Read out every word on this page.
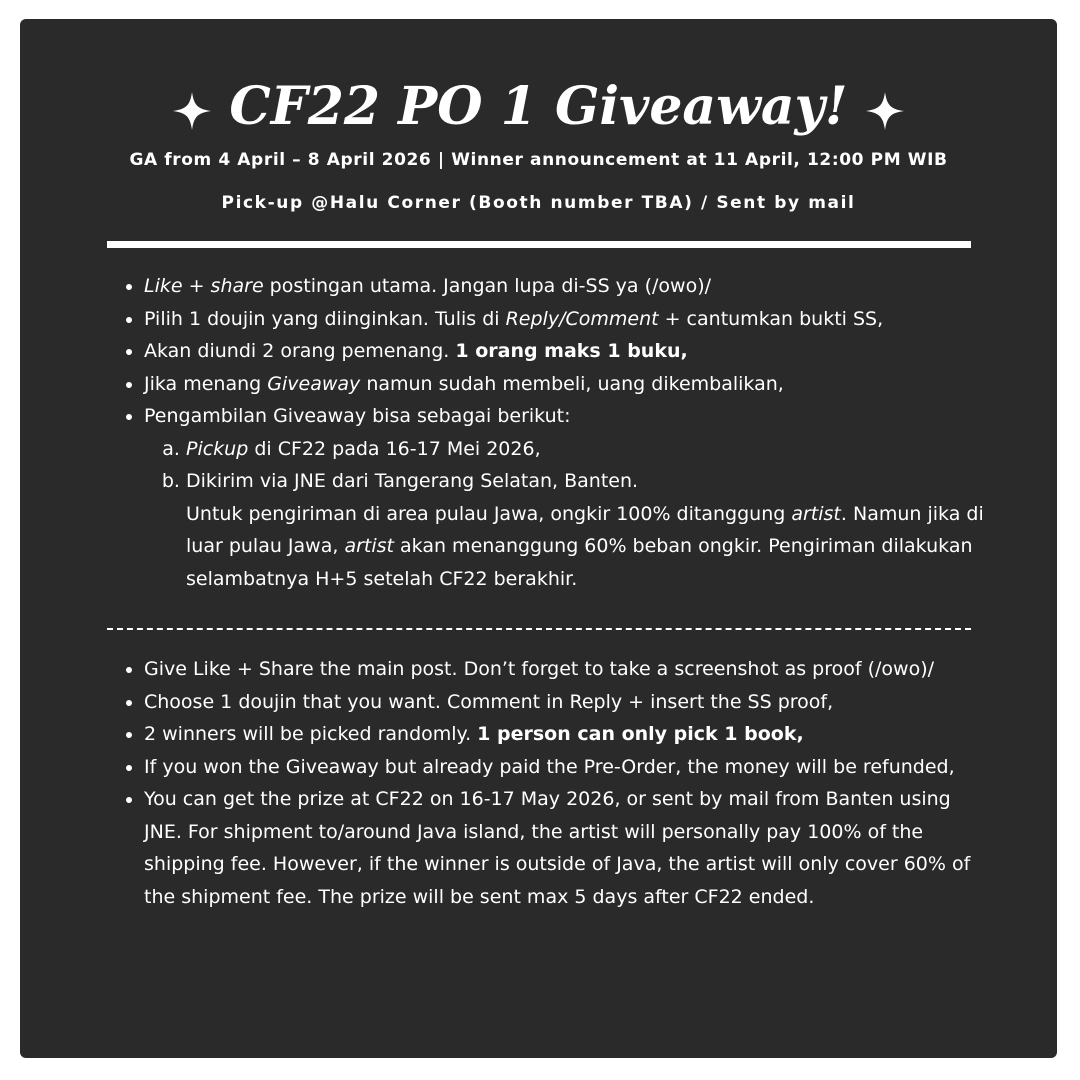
CF22 PO 1 Giveaway!
GA from 4 April – 8 April 2026 | Winner announcement at 11 April, 12:00 PM WIB
Pick-up @Halu Corner (Booth number TBA) / Sent by mail
• Like + share postingan utama. Jangan lupa di-SS ya (/owo)/
• Pilih 1 doujin yang diinginkan. Tulis di Reply/Comment + cantumkan bukti SS,
• Akan diundi 2 orang pemenang. 1 orang maks 1 buku,
• Jika menang Giveaway namun sudah membeli, uang dikembalikan,
• Pengambilan Giveaway bisa sebagai berikut:
a. Pickup di CF22 pada 16-17 Mei 2026,
b. Dikirim via JNE dari Tangerang Selatan, Banten.
Untuk pengiriman di area pulau Jawa, ongkir 100% ditanggung artist. Namun jika di luar pulau Jawa, artist akan menanggung 60% beban ongkir. Pengiriman dilakukan selambatnya H+5 setelah CF22 berakhir.
• Give Like + Share the main post. Don’t forget to take a screenshot as proof (/owo)/
• Choose 1 doujin that you want. Comment in Reply + insert the SS proof,
• 2 winners will be picked randomly. 1 person can only pick 1 book,
• If you won the Giveaway but already paid the Pre-Order, the money will be refunded,
• You can get the prize at CF22 on 16-17 May 2026, or sent by mail from Banten using JNE. For shipment to/around Java island, the artist will personally pay 100% of the shipping fee. However, if the winner is outside of Java, the artist will only cover 60% of the shipment fee. The prize will be sent max 5 days after CF22 ended.
